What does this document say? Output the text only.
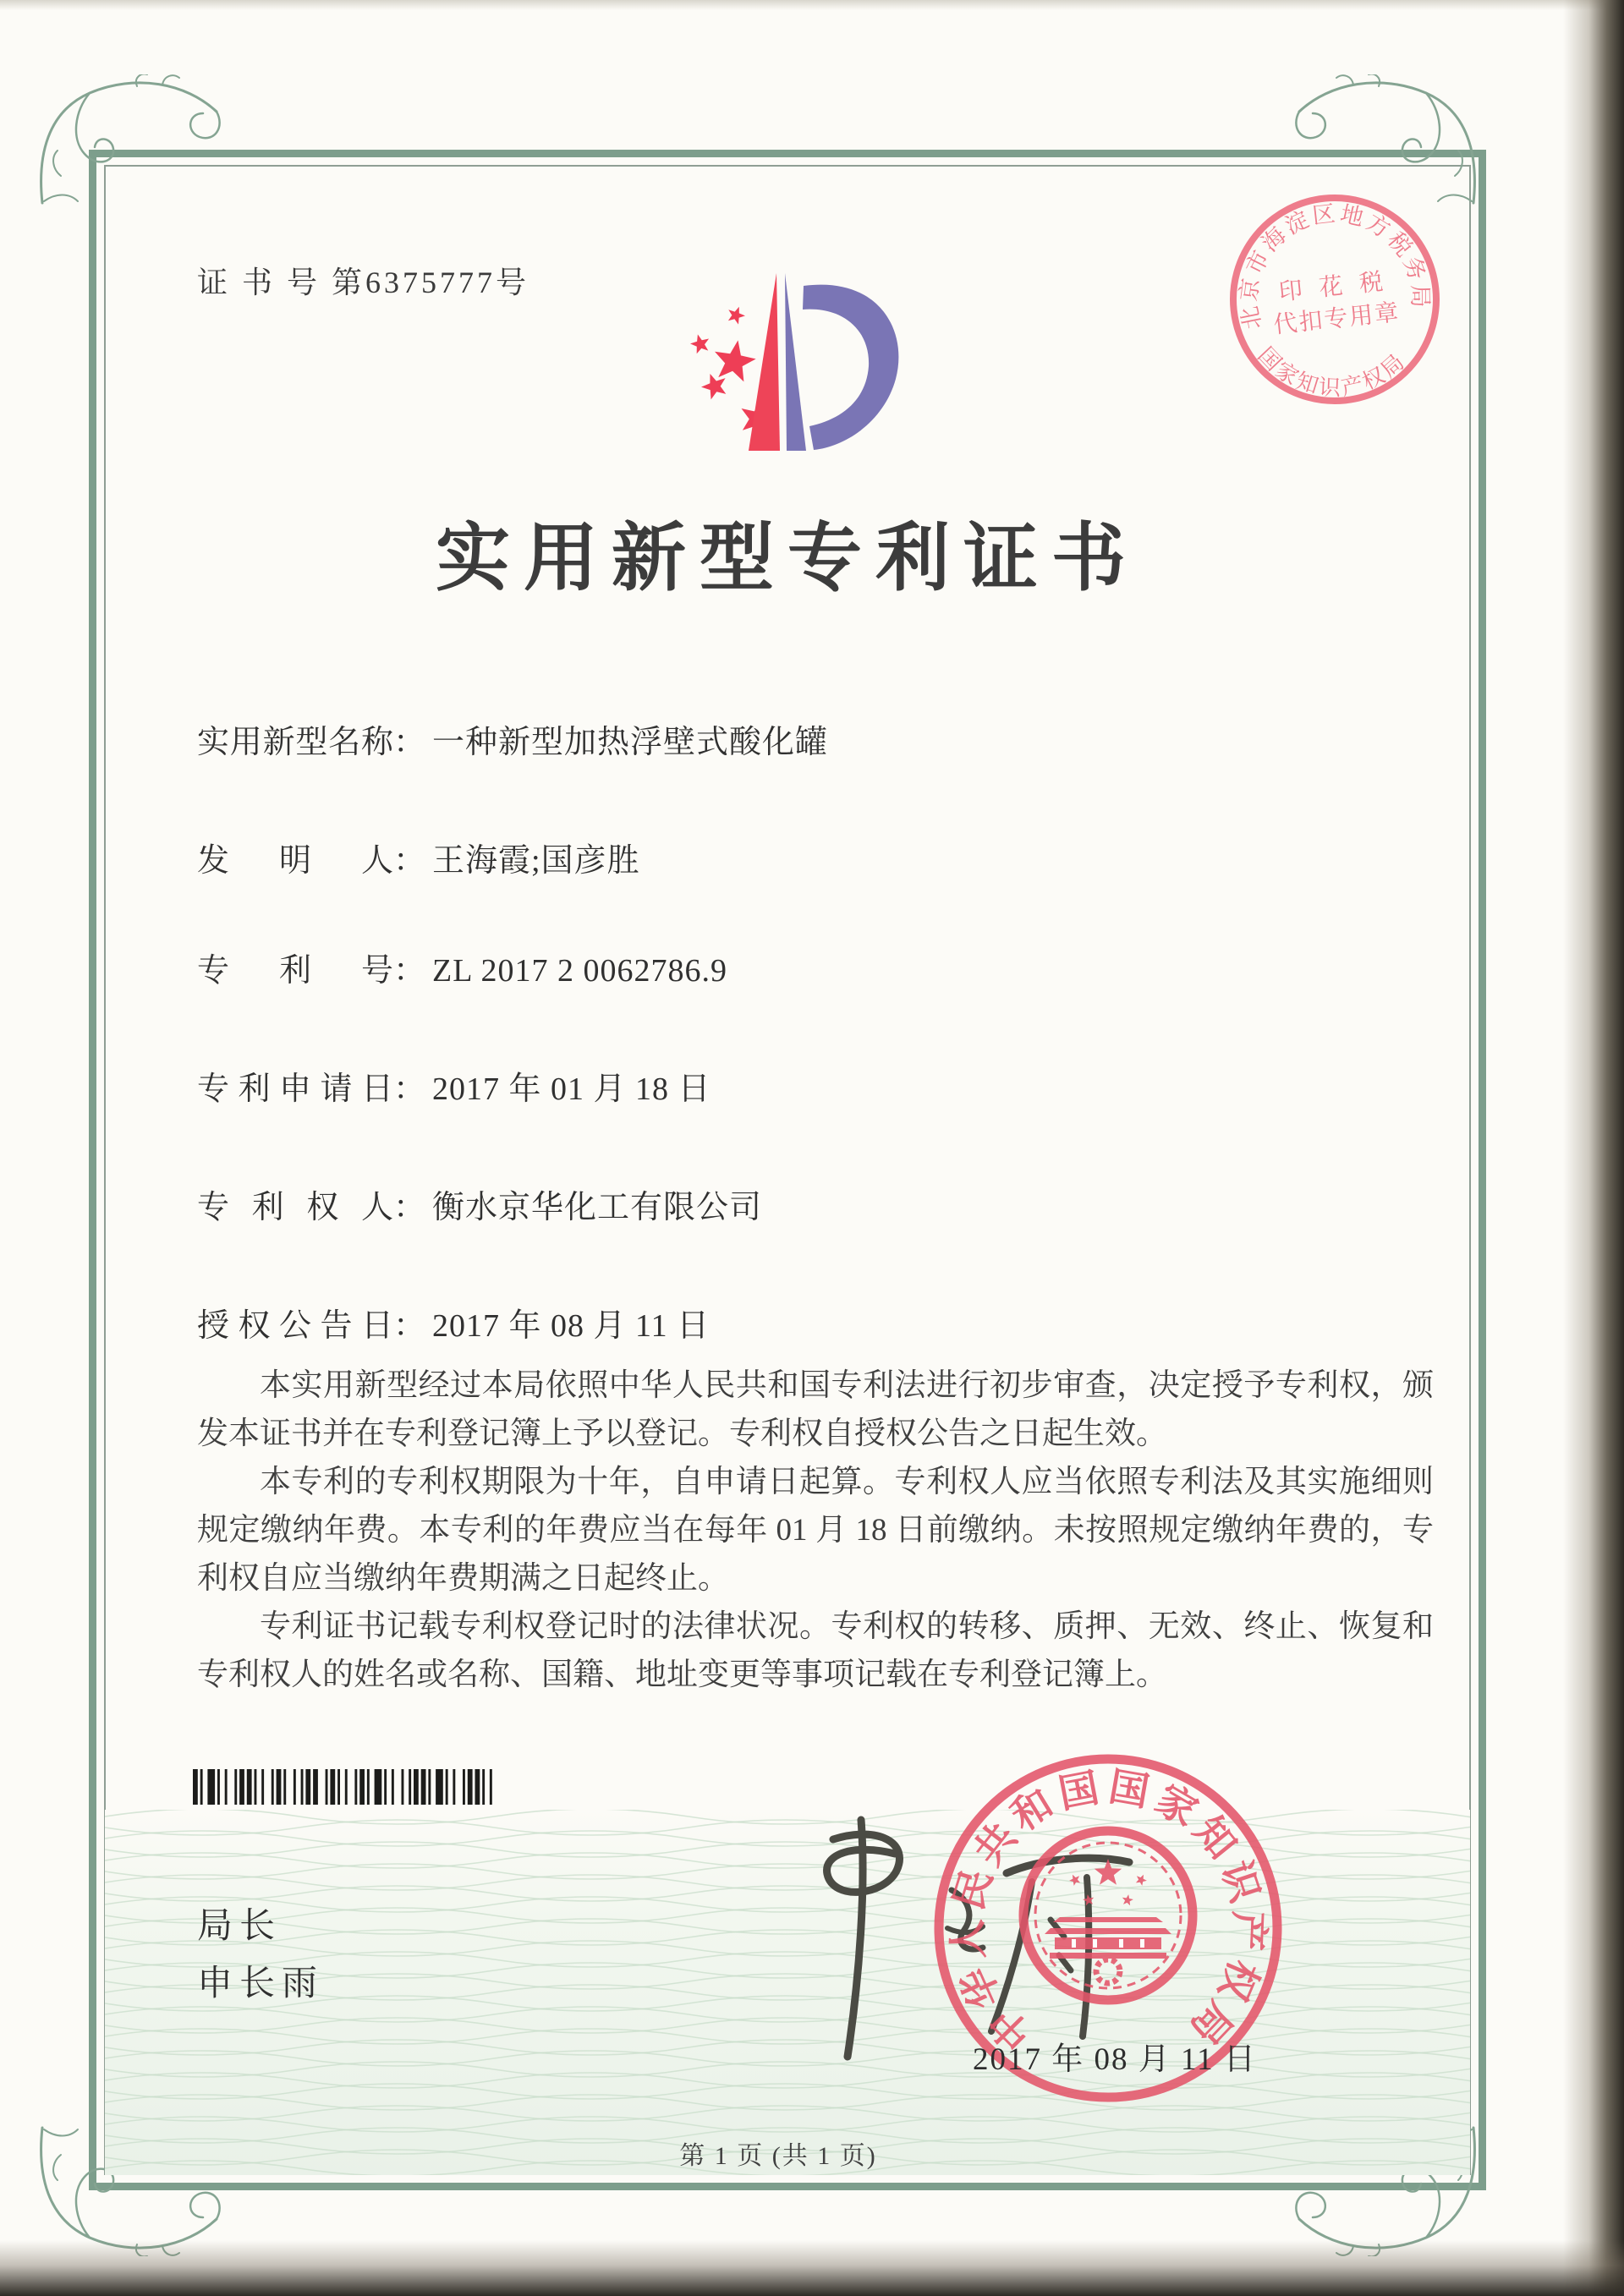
证 书 号 第6375777号
北京市海淀区地方税务局
国家知识产权局
印 花 税
代扣专用章
实用新型专利证书
实用新型名称： 一种新型加热浮壁式酸化罐
发明人： 王海霞;国彦胜
专利号： ZL 2017 2 0062786.9
专利申请日： 2017 年 01 月 18 日
专利权人： 衡水京华化工有限公司
授权公告日： 2017 年 08 月 11 日

本实用新型经过本局依照中华人民共和国专利法进行初步审查，决定授予专利权，颁发本证书并在专利登记簿上予以登记。专利权自授权公告之日起生效。

本专利的专利权期限为十年，自申请日起算。专利权人应当依照专利法及其实施细则规定缴纳年费。本专利的年费应当在每年 01 月 18 日前缴纳。未按照规定缴纳年费的，专利权自应当缴纳年费期满之日起终止。

专利证书记载专利权登记时的法律状况。专利权的转移、质押、无效、终止、恢复和专利权人的姓名或名称、国籍、地址变更等事项记载在专利登记簿上。

局长
申长雨
中华人民共和国国家知识产权局
2017 年 08 月 11 日
第 1 页 (共 1 页)
